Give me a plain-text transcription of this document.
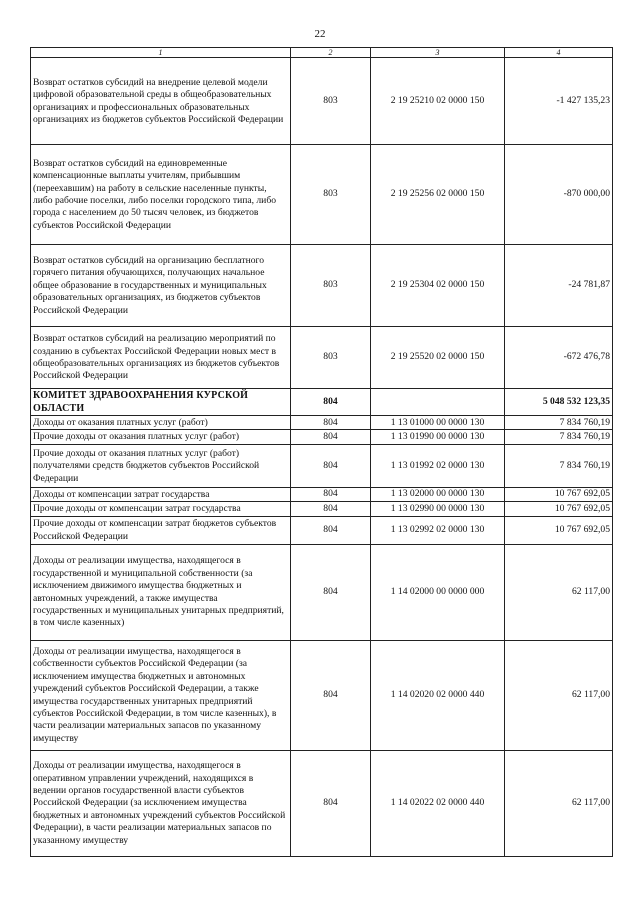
22
1	2	3	4
Возврат остатков субсидий на внедрение целевой модели цифровой образовательной среды в общеобразовательных организациях и профессиональных образовательных организациях из бюджетов субъектов Российской Федерации	803	2 19 25210 02 0000 150	-1 427 135,23
Возврат остатков субсидий на единовременные компенсационные выплаты учителям, прибывшим (переехавшим) на работу в сельские населенные пункты, либо рабочие поселки, либо поселки городского типа, либо города с населением до 50 тысяч человек, из бюджетов субъектов Российской Федерации	803	2 19 25256 02 0000 150	-870 000,00
Возврат остатков субсидий на организацию бесплатного горячего питания обучающихся, получающих начальное общее образование в государственных и муниципальных образовательных организациях, из бюджетов субъектов Российской Федерации	803	2 19 25304 02 0000 150	-24 781,87
Возврат остатков субсидий на реализацию мероприятий по созданию в субъектах Российской Федерации новых мест в общеобразовательных организациях из бюджетов субъектов Российской Федерации	803	2 19 25520 02 0000 150	-672 476,78
КОМИТЕТ ЗДРАВООХРАНЕНИЯ КУРСКОЙ ОБЛАСТИ	804		5 048 532 123,35
Доходы от оказания платных услуг (работ)	804	1 13 01000 00 0000 130	7 834 760,19
Прочие доходы от оказания платных услуг (работ)	804	1 13 01990 00 0000 130	7 834 760,19
Прочие доходы от оказания платных услуг (работ) получателями средств бюджетов субъектов Российской Федерации	804	1 13 01992 02 0000 130	7 834 760,19
Доходы от компенсации затрат государства	804	1 13 02000 00 0000 130	10 767 692,05
Прочие доходы от компенсации затрат государства	804	1 13 02990 00 0000 130	10 767 692,05
Прочие доходы от компенсации затрат бюджетов субъектов Российской Федерации	804	1 13 02992 02 0000 130	10 767 692,05
Доходы от реализации имущества, находящегося в государственной и муниципальной собственности (за исключением движимого имущества бюджетных и автономных учреждений, а также имущества государственных и муниципальных унитарных предприятий, в том числе казенных)	804	1 14 02000 00 0000 000	62 117,00
Доходы от реализации имущества, находящегося в собственности субъектов Российской Федерации (за исключением имущества бюджетных и автономных учреждений субъектов Российской Федерации, а также имущества государственных унитарных предприятий субъектов Российской Федерации, в том числе казенных), в части реализации материальных запасов по указанному имуществу	804	1 14 02020 02 0000 440	62 117,00
Доходы от реализации имущества, находящегося в оперативном управлении учреждений, находящихся в ведении органов государственной власти субъектов Российской Федерации (за исключением имущества бюджетных и автономных учреждений субъектов Российской Федерации), в части реализации материальных запасов по указанному имуществу	804	1 14 02022 02 0000 440	62 117,00
